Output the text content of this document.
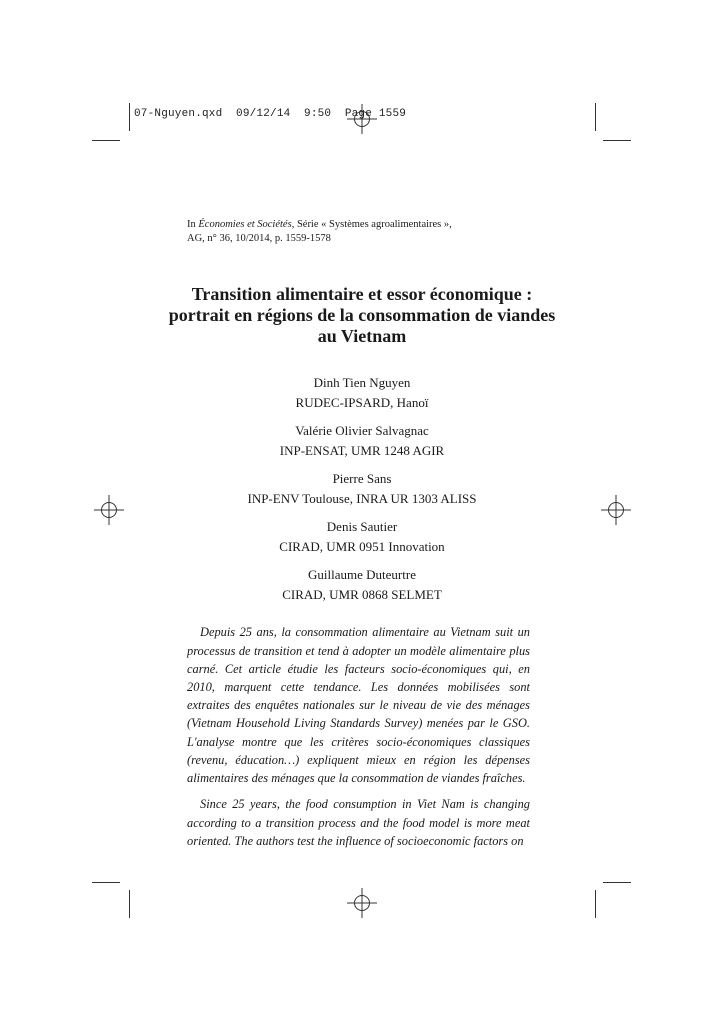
07-Nguyen.qxd  09/12/14  9:50  Page 1559
In Économies et Sociétés, Série « Systèmes agroalimentaires »,
AG, n° 36, 10/2014, p. 1559-1578
Transition alimentaire et essor économique :
portrait en régions de la consommation de viandes
au Vietnam
Dinh Tien Nguyen
RUDEC-IPSARD, Hanoï
Valérie Olivier Salvagnac
INP-ENSAT, UMR 1248 AGIR
Pierre Sans
INP-ENV Toulouse, INRA UR 1303 ALISS
Denis Sautier
CIRAD, UMR 0951 Innovation
Guillaume Duteurtre
CIRAD, UMR 0868 SELMET

Depuis 25 ans, la consommation alimentaire au Vietnam suit un processus de transition et tend à adopter un modèle alimentaire plus carné. Cet article étudie les facteurs socio-économiques qui, en 2010, marquent cette tendance. Les données mobilisées sont extraites des enquêtes nationales sur le niveau de vie des ménages (Vietnam Household Living Standards Survey) menées par le GSO. L'analyse montre que les critères socio-économiques classiques (revenu, éducation…) expliquent mieux en région les dépenses alimentaires des ménages que la consommation de viandes fraîches.

Since 25 years, the food consumption in Viet Nam is changing according to a transition process and the food model is more meat oriented. The authors test the influence of socioeconomic factors on
